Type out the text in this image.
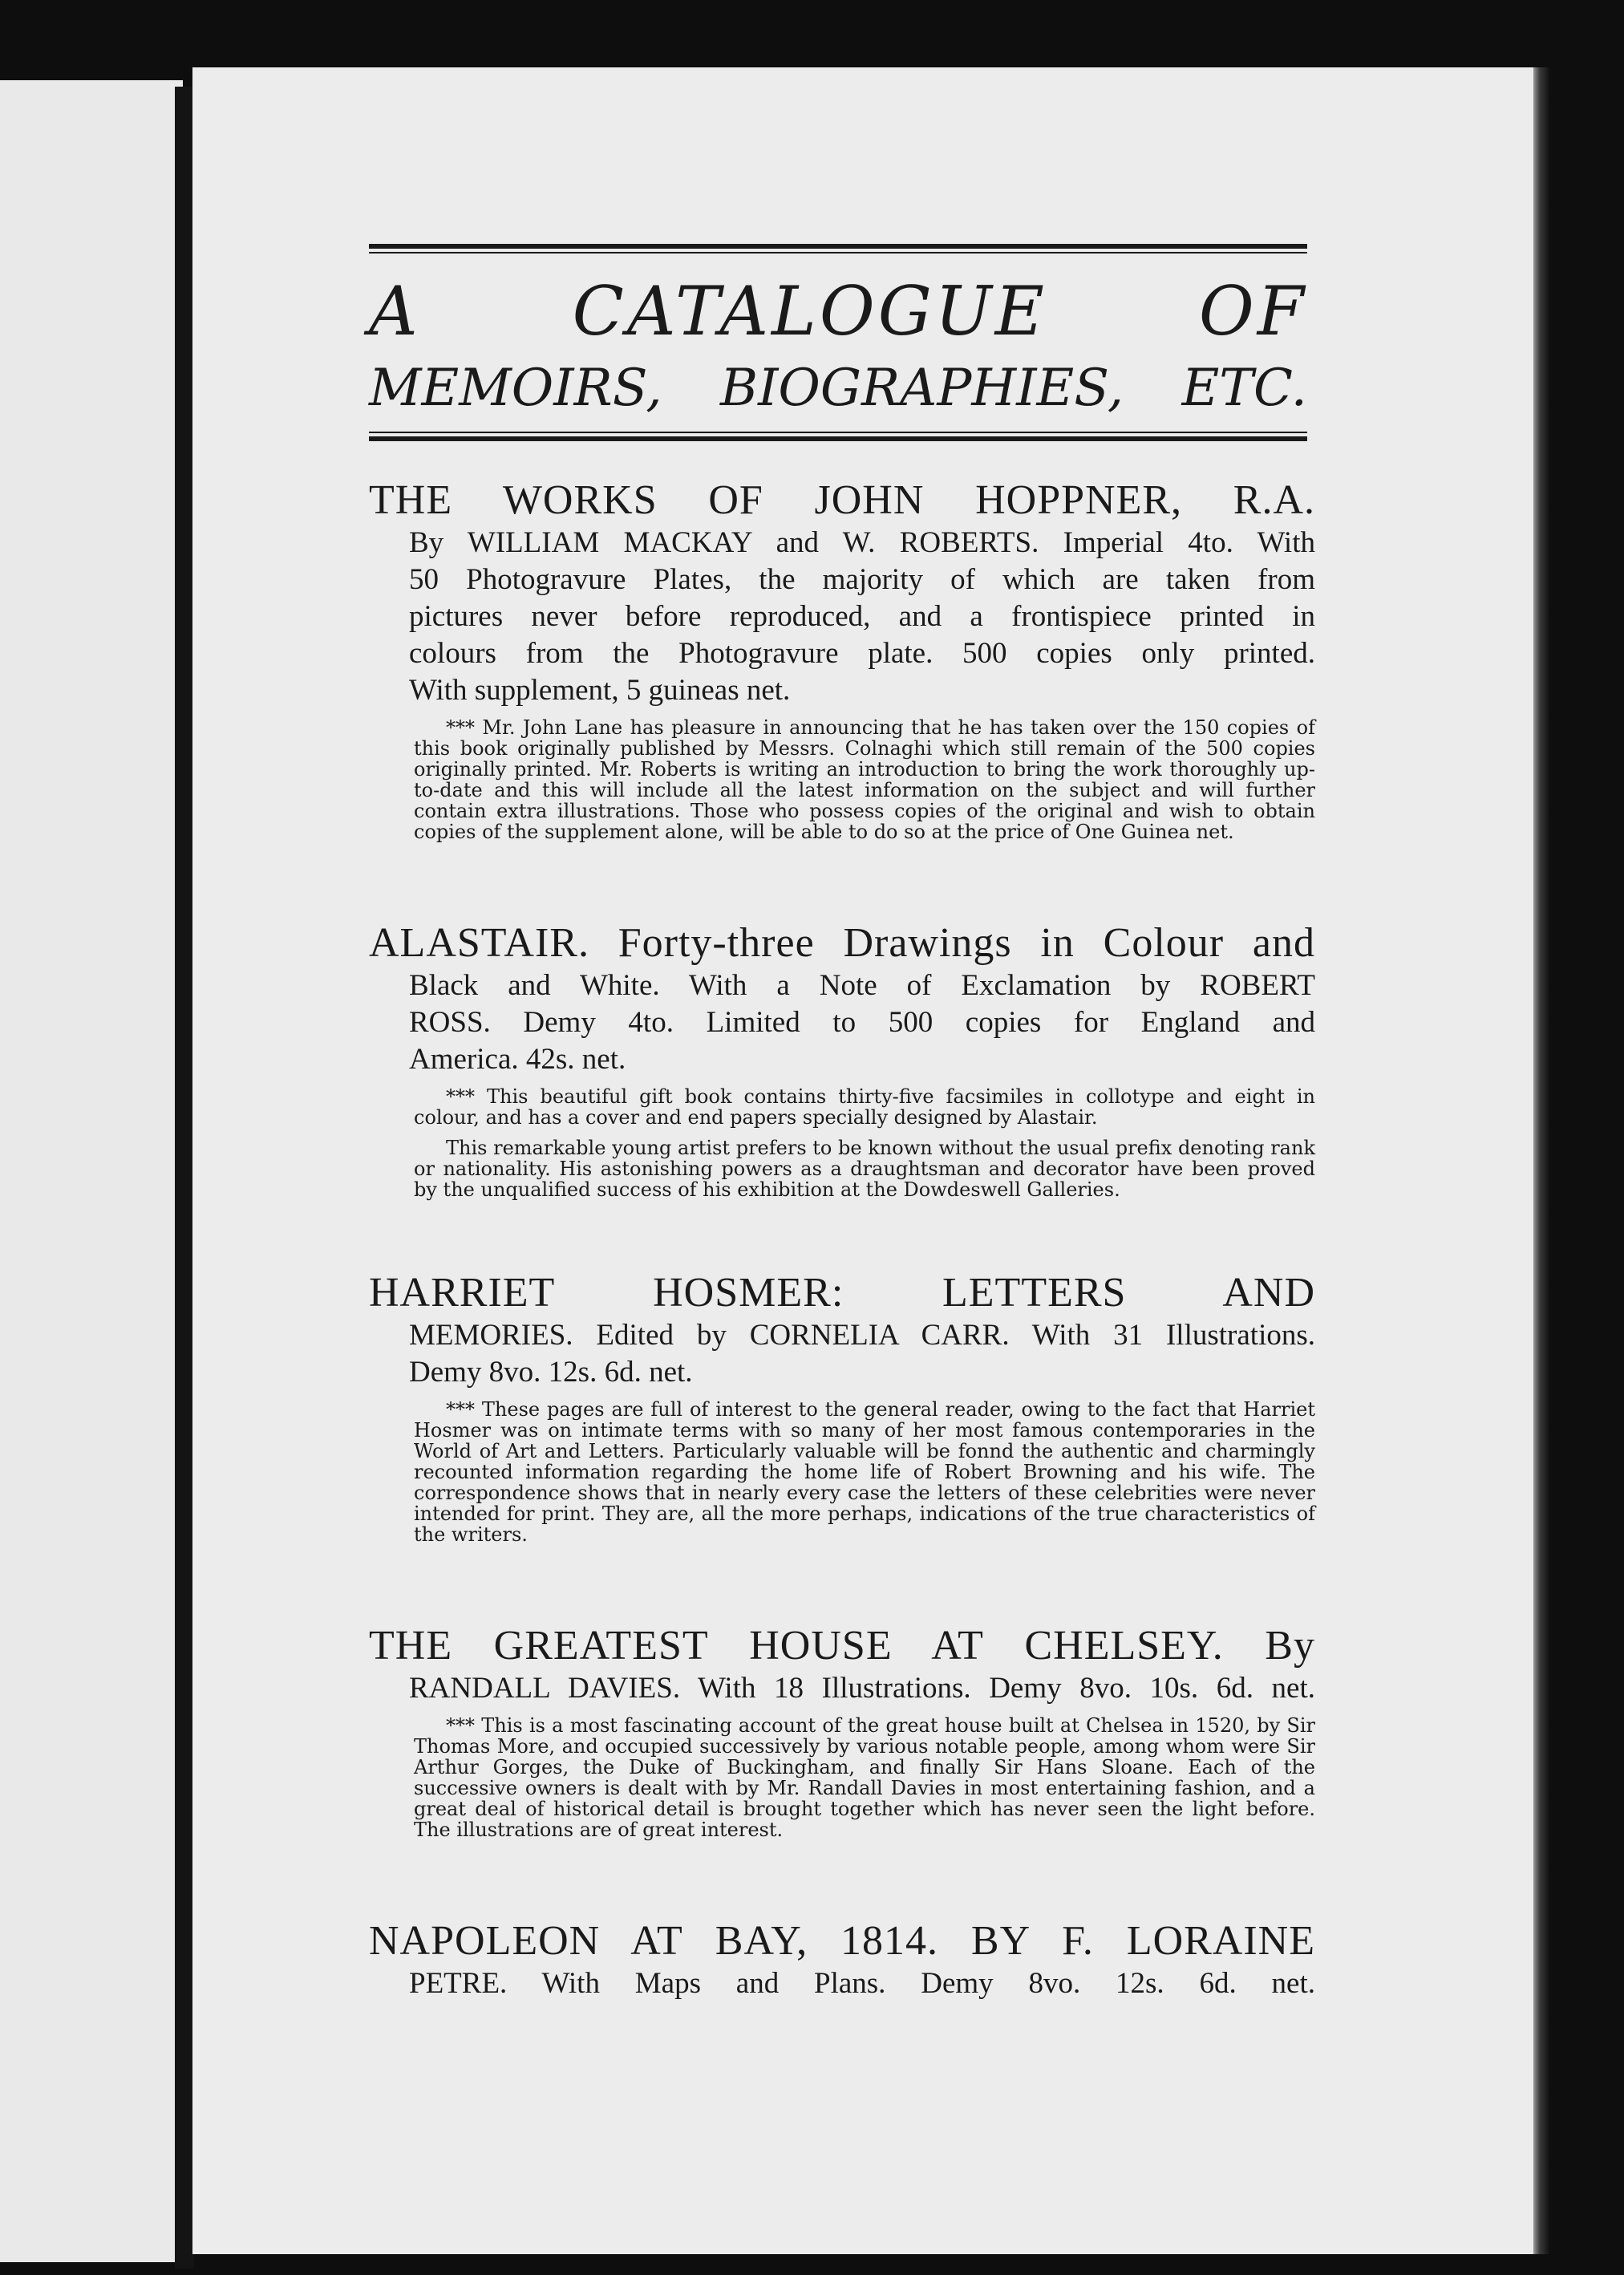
A CATALOGUE OF
MEMOIRS, BIOGRAPHIES, ETC.
THE WORKS OF JOHN HOPPNER, R.A.
By WILLIAM MACKAY and W. ROBERTS. Imperial 4to. With
50 Photogravure Plates, the majority of which are taken from
pictures never before reproduced, and a frontispiece printed in
colours from the Photogravure plate. 500 copies only printed.
With supplement, 5 guineas net.

*** Mr. John Lane has pleasure in announcing that he has taken over the 150 copies of this book originally published by Messrs. Colnaghi which still remain of the 500 copies originally printed. Mr. Roberts is writing an introduction to bring the work thoroughly up-to-date and this will include all the latest information on the subject and will further contain extra illustrations. Those who possess copies of the original and wish to obtain copies of the supplement alone, will be able to do so at the price of One Guinea net.

ALASTAIR. Forty-three Drawings in Colour and
Black and White. With a Note of Exclamation by ROBERT
ROSS. Demy 4to. Limited to 500 copies for England and
America. 42s. net.

*** This beautiful gift book contains thirty-five facsimiles in collotype and eight in colour, and has a cover and end papers specially designed by Alastair.

This remarkable young artist prefers to be known without the usual prefix denoting rank or nationality. His astonishing powers as a draughtsman and decorator have been proved by the unqualified success of his exhibition at the Dowdeswell Galleries.

HARRIET HOSMER: LETTERS AND
MEMORIES. Edited by CORNELIA CARR. With 31 Illustrations.
Demy 8vo. 12s. 6d. net.

*** These pages are full of interest to the general reader, owing to the fact that Harriet Hosmer was on intimate terms with so many of her most famous contemporaries in the World of Art and Letters. Particularly valuable will be fonnd the authentic and charmingly recounted information regarding the home life of Robert Browning and his wife. The correspondence shows that in nearly every case the letters of these celebrities were never intended for print. They are, all the more perhaps, indications of the true characteristics of the writers.

THE GREATEST HOUSE AT CHELSEY. By
RANDALL DAVIES. With 18 Illustrations. Demy 8vo. 10s. 6d. net.

*** This is a most fascinating account of the great house built at Chelsea in 1520, by Sir Thomas More, and occupied successively by various notable people, among whom were Sir Arthur Gorges, the Duke of Buckingham, and finally Sir Hans Sloane. Each of the successive owners is dealt with by Mr. Randall Davies in most entertaining fashion, and a great deal of historical detail is brought together which has never seen the light before. The illustrations are of great interest.

NAPOLEON AT BAY, 1814. BY F. LORAINE
PETRE. With Maps and Plans. Demy 8vo. 12s. 6d. net.
